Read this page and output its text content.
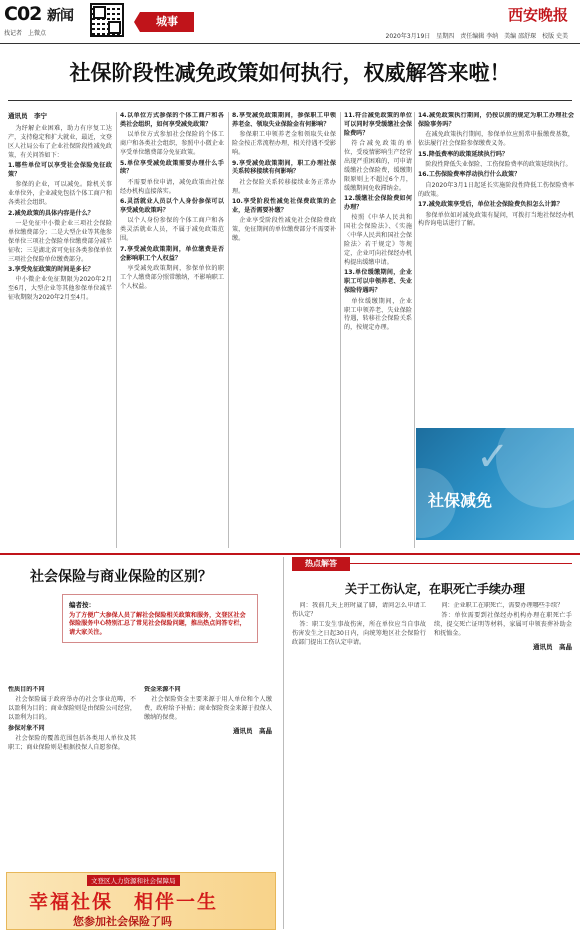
C02 新闻
找记者　上微点
城事	西安晚报
2020年3月19日　星期四　责任编辑 李纳　美编 邵舒琛　校版 史美
社保阶段性减免政策如何执行，权威解答来啦！

通讯员　李宁

为纾解企业困难，助力有序复工达产，支持稳定和扩大就业，最近，文登区人社局公布了企业社保阶段性减免政策，有关问答如下：

1.哪些单位可以享受社会保险免征政策？

参保的企业，可以减免。除机关事业单位外，企业减免包括个体工商户和各类社会组织。

2.减免政策的具体内容是什么？

一是免征中小微企业三项社会保险单位缴费部分；二是大型企业等其他参保单位三项社会保险单位缴费部分减半征收；三是湖北省可免征各类参保单位三项社会保险单位缴费部分。

3.享受免征政策的时间是多长？

中小微企业免征期限为2020年2月至6月，大型企业等其他参保单位减半征收期限为2020年2月至4月。

4.以单位方式参保的个体工商户和各类社会组织，如何享受减免政策？

以单位方式参加社会保险的个体工商户和各类社会组织，参照中小微企业享受单位缴费部分免征政策。

5.单位享受减免政策需要办理什么手续？

不需要单位申请，减免政策由社保经办机构直接落实。

6.灵活就业人员以个人身份参保可以享受减免政策吗？

以个人身份参保的个体工商户和各类灵活就业人员，不属于减免政策范围。

7.享受减免政策期间，单位缴费是否会影响职工个人权益？

享受减免政策期间，参保单位的职工个人缴费部分照常缴纳，不影响职工个人权益。

8.享受减免政策期间，参保职工申领养老金、领取失业保险金有何影响？

参保职工申领养老金和领取失业保险金按正常流程办理，相关待遇不受影响。

9.享受减免政策期间，职工办理社保关系转移接续有何影响？

社会保险关系转移接续业务正常办理。

10.享受阶段性减免社保费政策的企业，是否需要补缴？

企业享受阶段性减免社会保险费政策，免征期间的单位缴费部分不需要补缴。

11.符合减免政策的单位可以同时享受缓缴社会保险费吗？

符合减免政策的单位，受疫情影响生产经营出现严重困难的，可申请缓缴社会保险费，缓缴期限原则上不超过6个月，缓缴期间免收滞纳金。

12.缓缴社会保险费如何办理？

按照《中华人民共和国社会保险法》、《实施〈中华人民共和国社会保险法〉若干规定》等规定，企业可向社保经办机构提出缓缴申请。

13.单位缓缴期间，企业职工可以申领养老、失业保险待遇吗？

单位缓缴期间，企业职工申领养老、失业保险待遇，转移社会保险关系的，按规定办理。

14.减免政策执行期间，仍按以前的规定为职工办理社会保险事务吗？

在减免政策执行期间，参保单位应照常申报缴费基数，依法履行社会保险参保缴费义务。

15.降低费率的政策延续执行吗？

阶段性降低失业保险、工伤保险费率的政策延续执行。

16.工伤保险费率浮动执行什么政策？

自2020年3月1日起延长实施阶段性降低工伤保险费率的政策。

17.减免政策享受后，单位社会保险费负担怎么计算？

参保单位如对减免政策有疑问，可拨打当地社保经办机构咨询电话进行了解。

✓
社保减免
社会保险与商业保险的区别？
编者按：
为了方便广大参保人员了解社会保险相关政策和服务，文登区社会保险服务中心特别汇总了常见社会保险问题，推出热点问答专栏，请大家关注。

性质目的不同

社会保险属于政府举办的社会事业范畴，不以盈利为目的；商业保险则是由保险公司经营，以盈利为目的。

参保对象不同

社会保险的覆盖范围包括各类用人单位及其职工；商业保险则是根据投保人自愿参保。

资金来源不同

社会保险资金主要来源于用人单位和个人缴费，政府给予补贴；商业保险资金来源于投保人缴纳的保费。

通讯员　高晶

热点解答
关于工伤认定，在职死亡手续办理

问：我前几天上班时崴了脚，请问怎么申请工伤认定？

答：职工发生事故伤害，所在单位应当自事故伤害发生之日起30日内，向统筹地区社会保险行政部门提出工伤认定申请。

问：企业职工在职死亡，需要办理哪些手续？

答：单位需要到社保经办机构办理在职死亡手续，提交死亡证明等材料，家属可申领丧葬补助金和抚恤金。

通讯员　高晶

文登区人力资源和社会保障局
幸福社保　相伴一生
您参加社会保险了吗
